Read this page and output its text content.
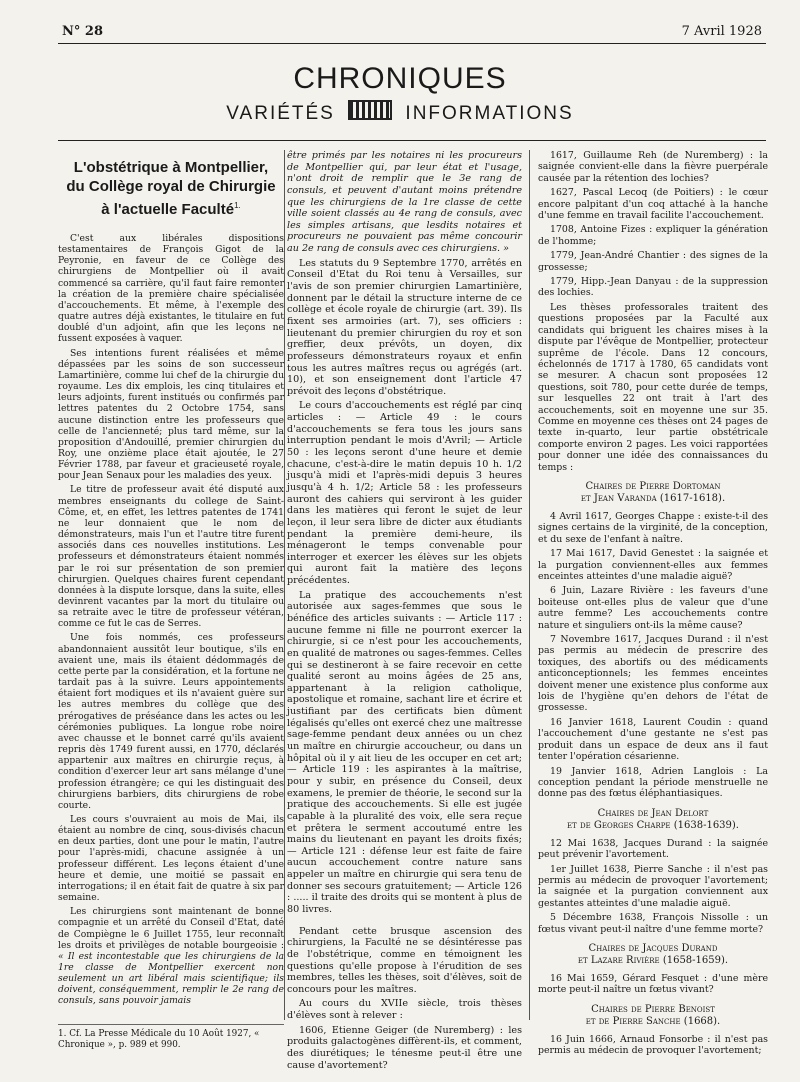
N° 28	7 Avril 1928
CHRONIQUES
VARIÉTÉS	INFORMATIONS
L'obstétrique à Montpellier,
du Collège royal de Chirurgie
à l'actuelle Faculté$^{1.}$

C'est aux libérales dispositions testamentaires de François Gigot de la Peyronie, en faveur de ce Collège des chirurgiens de Montpellier où il avait commencé sa carrière, qu'il faut faire remonter la création de la première chaire spécialisée d'accouchements. Et même, à l'exemple des quatre autres déjà existantes, le titulaire en fut doublé d'un adjoint, afin que les leçons ne fussent exposées à vaquer.

Ses intentions furent réalisées et même dépassées par les soins de son successeur Lamartinière, comme lui chef de la chirurgie du royaume. Les dix emplois, les cinq titulaires et leurs adjoints, furent institués ou confirmés par lettres patentes du 2 Octobre 1754, sans aucune distinction entre les professeurs que celle de l'ancienneté; plus tard même, sur la proposition d'Andouillé, premier chirurgien du Roy, une onzième place était ajoutée, le 27 Février 1788, par faveur et gracieuseté royale, pour Jean Senaux pour les maladies des yeux.

Le titre de professeur avait été disputé aux membres enseignants du college de Saint-Côme, et, en effet, les lettres patentes de 1741 ne leur donnaient que le nom de démonstrateurs, mais l'un et l'autre titre furent associés dans ces nouvelles institutions. Les professeurs et démonstrateurs étaient nommés par le roi sur présentation de son premier chirurgien. Quelques chaires furent cependant données à la dispute lorsque, dans la suite, elles devinrent vacantes par la mort du titulaire ou sa retraite avec le titre de professeur vétéran, comme ce fut le cas de Serres.

Une fois nommés, ces professeurs abandonnaient aussitôt leur boutique, s'ils en avaient une, mais ils étaient dédommagés de cette perte par la considération, et la fortune ne tardait pas à la suivre. Leurs appointements étaient fort modiques et ils n'avaient guère sur les autres membres du collège que des prérogatives de préséance dans les actes ou les cérémonies publiques. La longue robe noire avec chausse et le bonnet carré qu'ils avaient repris dès 1749 furent aussi, en 1770, déclarés appartenir aux maîtres en chirurgie reçus, à condition d'exercer leur art sans mélange d'une profession étrangère; ce qui les distinguait des chirurgiens barbiers, dits chirurgiens de robe courte.

Les cours s'ouvraient au mois de Mai, ils étaient au nombre de cinq, sous-divisés chacun en deux parties, dont une pour le matin, l'autre pour l'après-midi, chacune assignée à un professeur différent. Les leçons étaient d'une heure et demie, une moitié se passait en interrogations; il en était fait de quatre à six par semaine.

Les chirurgiens sont maintenant de bonne compagnie et un arrêté du Conseil d'Etat, daté de Compiègne le 6 Juillet 1755, leur reconnaît les droits et privilèges de notable bourgeoisie : « Il est incontestable que les chirurgiens de la 1re classe de Montpellier exercent non seulement un art libéral mais scientifique; ils doivent, conséquemment, remplir le 2e rang de consuls, sans pouvoir jamais

1. Cf. La Presse Médicale du 10 Août 1927, « Chronique », p. 989 et 990.

être primés par les notaires ni les procureurs de Montpellier qui, par leur état et l'usage, n'ont droit de remplir que le 3e rang de consuls, et peuvent d'autant moins prétendre que les chirurgiens de la 1re classe de cette ville soient classés au 4e rang de consuls, avec les simples artisans, que lesdits notaires et procureurs ne pouvaient pas même concourir au 2e rang de consuls avec ces chirurgiens. »

Les statuts du 9 Septembre 1770, arrêtés en Conseil d'Etat du Roi tenu à Versailles, sur l'avis de son premier chirurgien Lamartinière, donnent par le détail la structure interne de ce collège et école royale de chirurgie (art. 39). Ils fixent ses armoiries (art. 7), ses officiers : lieutenant du premier chirurgien du roy et son greffier, deux prévôts, un doyen, dix professeurs démonstrateurs royaux et enfin tous les autres maîtres reçus ou agrégés (art. 10), et son enseignement dont l'article 47 prévoit des leçons d'obstétrique.

Le cours d'accouchements est réglé par cinq articles : — Article 49 : le cours d'accouchements se fera tous les jours sans interruption pendant le mois d'Avril; — Article 50 : les leçons seront d'une heure et demie chacune, c'est-à-dire le matin depuis 10 h. 1/2 jusqu'à midi et l'après-midi depuis 3 heures jusqu'à 4 h. 1/2; Article 58 : les professeurs auront des cahiers qui serviront à les guider dans les matières qui feront le sujet de leur leçon, il leur sera libre de dicter aux étudiants pendant la première demi-heure, ils ménageront le temps convenable pour interroger et exercer les élèves sur les objets qui auront fait la matière des leçons précédentes.

La pratique des accouchements n'est autorisée aux sages-femmes que sous le bénéfice des articles suivants : — Article 117 : aucune femme ni fille ne pourront exercer la chirurgie, si ce n'est pour les accouchements, en qualité de matrones ou sages-femmes. Celles qui se destineront à se faire recevoir en cette qualité seront au moins âgées de 25 ans, appartenant à la religion catholique, apostolique et romaine, sachant lire et écrire et justifiant par des certificats bien dûment légalisés qu'elles ont exercé chez une maîtresse sage-femme pendant deux années ou un chez un maître en chirurgie accoucheur, ou dans un hôpital où il y ait lieu de les occuper en cet art; — Article 119 : les aspirantes à la maîtrise, pour y subir, en présence du Conseil, deux examens, le premier de théorie, le second sur la pratique des accouchements. Si elle est jugée capable à la pluralité des voix, elle sera reçue et prêtera le serment accoutumé entre les mains du lieutenant en payant les droits fixés; — Article 121 : défense leur est faite de faire aucun accouchement contre nature sans appeler un maître en chirurgie qui sera tenu de donner ses secours gratuitement; — Article 126 : ..... il traite des droits qui se montent à plus de 80 livres.

Pendant cette brusque ascension des chirurgiens, la Faculté ne se désintéresse pas de l'obstétrique, comme en témoignent les questions qu'elle propose à l'érudition de ses membres, telles les thèses, soit d'élèves, soit de concours pour les maîtres.

Au cours du XVIIe siècle, trois thèses d'élèves sont à relever :

1606, Etienne Geiger (de Nuremberg) : les produits galactogènes diffèrent-ils, et comment, des diurétiques; le ténesme peut-il être une cause d'avortement?

1617, Guillaume Reh (de Nuremberg) : la saignée convient-elle dans la fièvre puerpérale causée par la rétention des lochies?

1627, Pascal Lecoq (de Poitiers) : le cœur encore palpitant d'un coq attaché à la hanche d'une femme en travail facilite l'accouchement.

1708, Antoine Fizes : expliquer la génération de l'homme;

1779, Jean-André Chantier : des signes de la grossesse;

1779, Hipp.-Jean Danyau : de la suppression des lochies.

Les thèses professorales traitent des questions proposées par la Faculté aux candidats qui briguent les chaires mises à la dispute par l'évêque de Montpellier, protecteur suprême de l'école. Dans 12 concours, échelonnés de 1717 à 1780, 65 candidats vont se mesurer. A chacun sont proposées 12 questions, soit 780, pour cette durée de temps, sur lesquelles 22 ont trait à l'art des accouchements, soit en moyenne une sur 35. Comme en moyenne ces thèses ont 24 pages de texte in-quarto, leur partie obstétricale comporte environ 2 pages. Les voici rapportées pour donner une idée des connaissances du temps :

Chaires de Pierre Dortoman
et Jean Varanda (1617-1618).

4 Avril 1617, Georges Chappe : existe-t-il des signes certains de la virginité, de la conception, et du sexe de l'enfant à naître.

17 Mai 1617, David Genestet : la saignée et la purgation conviennent-elles aux femmes enceintes atteintes d'une maladie aiguë?

6 Juin, Lazare Rivière : les faveurs d'une boiteuse ont-elles plus de valeur que d'une autre femme? Les accouchements contre nature et singuliers ont-ils la même cause?

7 Novembre 1617, Jacques Durand : il n'est pas permis au médecin de prescrire des toxiques, des abortifs ou des médicaments anticonceptionnels; les femmes enceintes doivent mener une existence plus conforme aux lois de l'hygiène qu'en dehors de l'état de grossesse.

16 Janvier 1618, Laurent Coudin : quand l'accouchement d'une gestante ne s'est pas produit dans un espace de deux ans il faut tenter l'opération césarienne.

19 Janvier 1618, Adrien Langlois : La conception pendant la période menstruelle ne donne pas des fœtus éléphantiasiques.

Chaires de Jean Delort
et de Georges Charpe (1638-1639).

12 Mai 1638, Jacques Durand : la saignée peut prévenir l'avortement.

1er Juillet 1638, Pierre Sanche : il n'est pas permis au médecin de provoquer l'avortement; la saignée et la purgation conviennent aux gestantes atteintes d'une maladie aiguë.

5 Décembre 1638, François Nissolle : un fœtus vivant peut-il naître d'une femme morte?

Chaires de Jacques Durand
et Lazare Rivière (1658-1659).

16 Mai 1659, Gérard Fesquet : d'une mère morte peut-il naître un fœtus vivant?

Chaires de Pierre Benoist
et de Pierre Sanche (1668).

16 Juin 1666, Arnaud Fonsorbe : il n'est pas permis au médecin de provoquer l'avortement;
